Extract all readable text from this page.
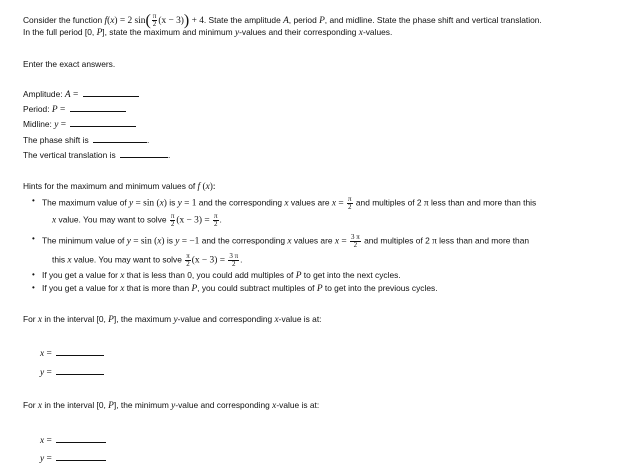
Consider the function f(x) = 2 $\sin( \frac{\pi}{2} (x - 3)) + 4$. State the amplitude A, period P, and midline. State the phase shift and vertical translation.
In the full period [0, P], state the maximum and minimum y-values and their corresponding x-values.
Enter the exact answers.
Amplitude: A =
Period: P =
Midline: y =
The phase shift is	.
The vertical translation is	.
Hints for the maximum and minimum values of f (x):
• The maximum value of y = sin (x) is y = 1 and the corresponding x values are $x = \frac{\pi}{2}$ and multiples of 2 π less than and more than this
x value. You may want to solve $\frac{\pi}{2} (x - 3) = \frac{\pi}{2}$ .
• The minimum value of y = sin (x) is y = −1 and the corresponding x values are $x = \frac{3 \pi}{2}$ and multiples of 2 π less than and more than
this x value. You may want to solve $\frac{\pi}{2} (x - 3) = \frac{3 \pi}{2}$ .
• If you get a value for x that is less than 0, you could add multiples of P to get into the next cycles.
• If you get a value for x that is more than P, you could subtract multiples of P to get into the previous cycles.
For x in the interval [0, P], the maximum y-value and corresponding x-value is at:
x =
y =
For x in the interval [0, P], the minimum y-value and corresponding x-value is at:
x =
y =
